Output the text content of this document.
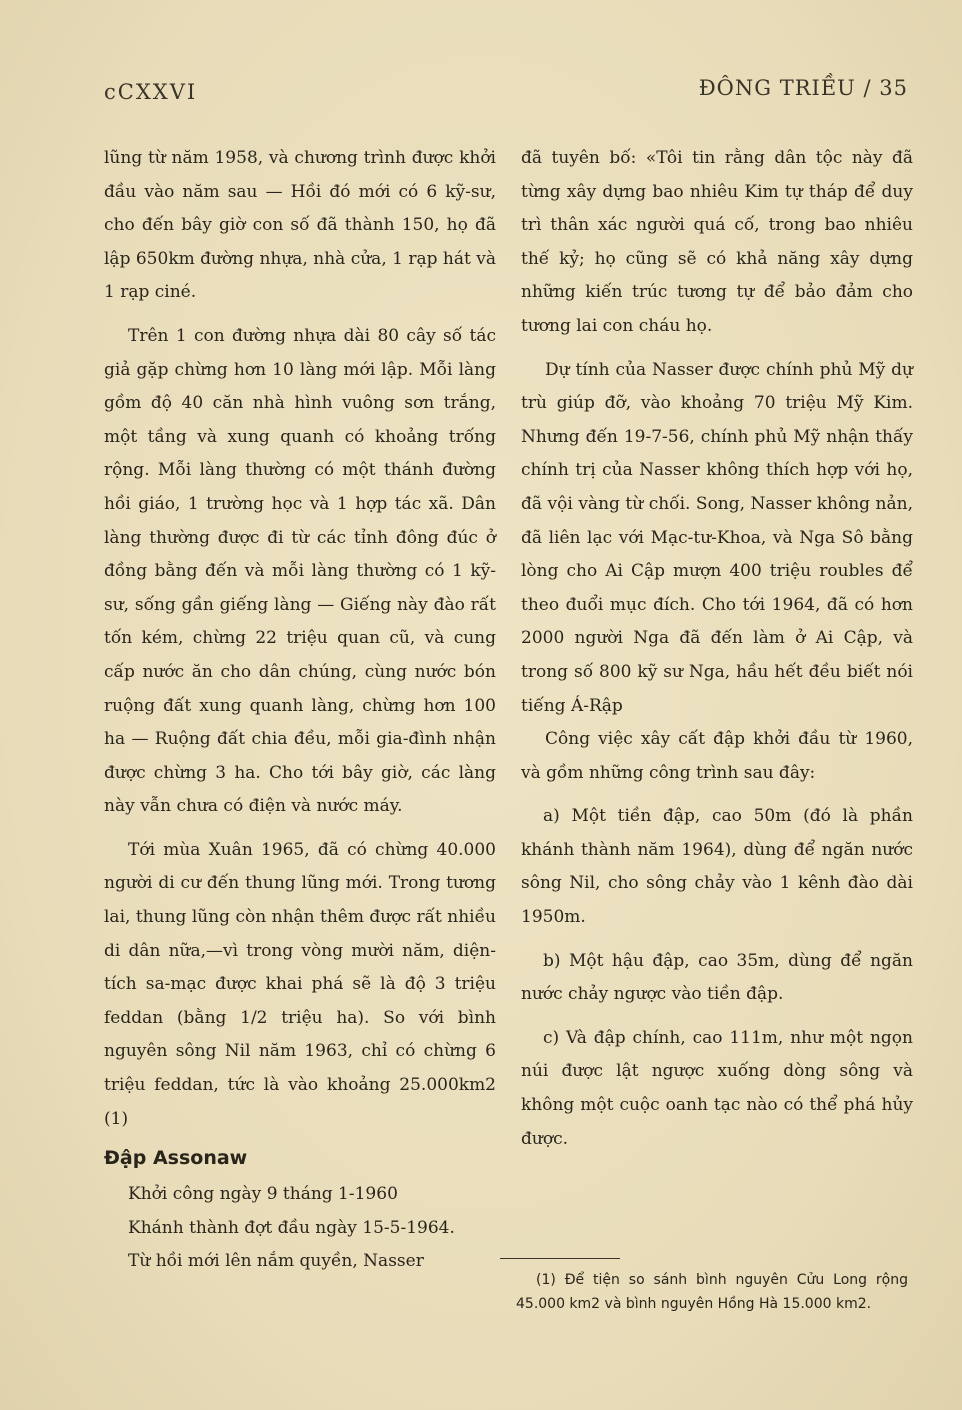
cCXXVI	ĐÔNG TRIỀU / 35

lũng từ năm 1958, và chương trình được khởi đầu vào năm sau — Hồi đó mới có 6 kỹ-sư, cho đến bây giờ con số đã thành 150, họ đã lập 650km đường nhựa, nhà cửa, 1 rạp hát và 1 rạp ciné.

Trên 1 con đường nhựa dài 80 cây số tác giả gặp chừng hơn 10 làng mới lập. Mỗi làng gồm độ 40 căn nhà hình vuông sơn trắng, một tầng và xung quanh có khoảng trống rộng. Mỗi làng thường có một thánh đường hồi giáo, 1 trường học và 1 hợp tác xã. Dân làng thường được đi từ các tỉnh đông đúc ở đồng bằng đến và mỗi làng thường có 1 kỹ-sư, sống gần giếng làng — Giếng này đào rất tốn kém, chừng 22 triệu quan cũ, và cung cấp nước ăn cho dân chúng, cùng nước bón ruộng đất xung quanh làng, chừng hơn 100 ha — Ruộng đất chia đều, mỗi gia-đình nhận được chừng 3 ha. Cho tới bây giờ, các làng này vẫn chưa có điện và nước máy.

Tới mùa Xuân 1965, đã có chừng 40.000 người di cư đến thung lũng mới. Trong tương lai, thung lũng còn nhận thêm được rất nhiều di dân nữa,—vì trong vòng mười năm, diện-tích sa-mạc được khai phá sẽ là độ 3 triệu feddan (bằng 1/2 triệu ha). So với bình nguyên sông Nil năm 1963, chỉ có chừng 6 triệu feddan, tức là vào khoảng 25.000km2 (1)

Đập Assonaw

Khởi công ngày 9 tháng 1-1960

Khánh thành đợt đầu ngày 15-5-1964.

Từ hồi mới lên nắm quyền, Nasser

đã tuyên bố: «Tôi tin rằng dân tộc này đã từng xây dựng bao nhiêu Kim tự tháp để duy trì thân xác người quá cố, trong bao nhiêu thế kỷ; họ cũng sẽ có khả năng xây dựng những kiến trúc tương tự để bảo đảm cho tương lai con cháu họ.

Dự tính của Nasser được chính phủ Mỹ dự trù giúp đỡ, vào khoảng 70 triệu Mỹ Kim. Nhưng đến 19-7-56, chính phủ Mỹ nhận thấy chính trị của Nasser không thích hợp với họ, đã vội vàng từ chối. Song, Nasser không nản, đã liên lạc với Mạc-tư-Khoa, và Nga Sô bằng lòng cho Ai Cập mượn 400 triệu roubles để theo đuổi mục đích. Cho tới 1964, đã có hơn 2000 người Nga đã đến làm ở Ai Cập, và trong số 800 kỹ sư Nga, hầu hết đều biết nói tiếng Á-Rập

Công việc xây cất đập khởi đầu từ 1960, và gồm những công trình sau đây:

a) Một tiền đập, cao 50m (đó là phần khánh thành năm 1964), dùng để ngăn nước sông Nil, cho sông chảy vào 1 kênh đào dài 1950m.

b) Một hậu đập, cao 35m, dùng để ngăn nước chảy ngược vào tiền đập.

c) Và đập chính, cao 111m, như một ngọn núi được lật ngược xuống dòng sông và không một cuộc oanh tạc nào có thể phá hủy được.

(1) Để tiện so sánh bình nguyên Cửu Long rộng 45.000 km2 và bình nguyên Hồng Hà 15.000 km2.
